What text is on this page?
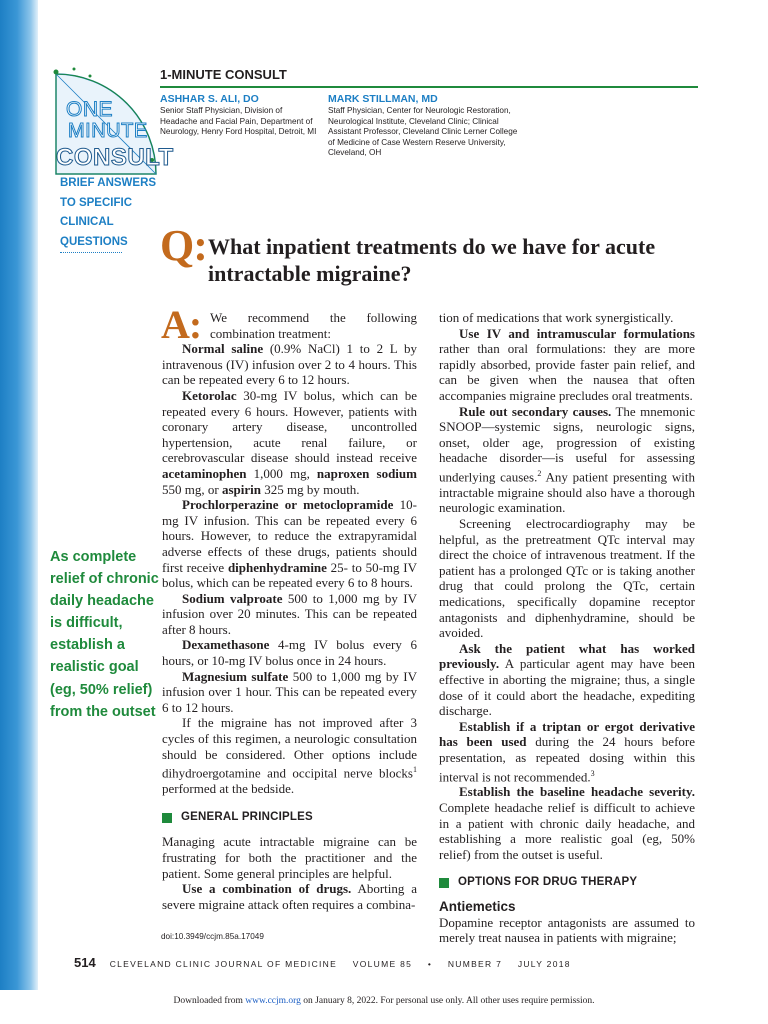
ONE
MINUTE
CONSULT
BRIEF ANSWERS
TO SPECIFIC
CLINICAL
QUESTIONS
As complete relief of chronic daily headache is difficult, establish a realistic goal (eg, 50% relief) from the outset
1-MINUTE CONSULT
ASHHAR S. ALI, DO
Senior Staff Physician, Division of Headache and Facial Pain, Department of Neurology, Henry Ford Hospital, Detroit, MI
MARK STILLMAN, MD
Staff Physician, Center for Neurologic Restoration, Neurological Institute, Cleveland Clinic; Clinical Assistant Professor, Cleveland Clinic Lerner College of Medicine of Case Western Reserve University, Cleveland, OH
Q: What inpatient treatments do we have for acute intractable migraine?
A: We recommend the following combination treatment:

Normal saline (0.9% NaCl) 1 to 2 L by intravenous (IV) infusion over 2 to 4 hours. This can be repeated every 6 to 12 hours.

Ketorolac 30-mg IV bolus, which can be repeated every 6 hours. However, patients with coronary artery disease, uncontrolled hypertension, acute renal failure, or cerebrovascular disease should instead receive acetaminophen 1,000 mg, naproxen sodium 550 mg, or aspirin 325 mg by mouth.

Prochlorperazine or metoclopramide 10-mg IV infusion. This can be repeated every 6 hours. However, to reduce the extrapyramidal adverse effects of these drugs, patients should first receive diphenhydramine 25- to 50-mg IV bolus, which can be repeated every 6 to 8 hours.

Sodium valproate 500 to 1,000 mg by IV infusion over 20 minutes. This can be repeated after 8 hours.

Dexamethasone 4-mg IV bolus every 6 hours, or 10-mg IV bolus once in 24 hours.

Magnesium sulfate 500 to 1,000 mg by IV infusion over 1 hour. This can be repeated every 6 to 12 hours.

If the migraine has not improved after 3 cycles of this regimen, a neurologic consultation should be considered. Other options include dihydroergotamine and occipital nerve blocks$^1$ performed at the bedside.

GENERAL PRINCIPLES

Managing acute intractable migraine can be frustrating for both the practitioner and the patient. Some general principles are helpful.

Use a combination of drugs. Aborting a severe migraine attack often requires a combina-

tion of medications that work synergistically.

Use IV and intramuscular formulations rather than oral formulations: they are more rapidly absorbed, provide faster pain relief, and can be given when the nausea that often accompanies migraine precludes oral treatments.

Rule out secondary causes. The mnemonic SNOOP—systemic signs, neurologic signs, onset, older age, progression of existing headache disorder—is useful for assessing underlying causes.$^2$ Any patient presenting with intractable migraine should also have a thorough neurologic examination.

Screening electrocardiography may be helpful, as the pretreatment QTc interval may direct the choice of intravenous treatment. If the patient has a prolonged QTc or is taking another drug that could prolong the QTc, certain medications, specifically dopamine receptor antagonists and diphenhydramine, should be avoided.

Ask the patient what has worked previously. A particular agent may have been effective in aborting the migraine; thus, a single dose of it could abort the headache, expediting discharge.

Establish if a triptan or ergot derivative has been used during the 24 hours before presentation, as repeated dosing within this interval is not recommended.$^3$

Establish the baseline headache severity. Complete headache relief is difficult to achieve in a patient with chronic daily headache, and establishing a more realistic goal (eg, 50% relief) from the outset is useful.

OPTIONS FOR DRUG THERAPY
Antiemetics

Dopamine receptor antagonists are assumed to merely treat nausea in patients with migraine;

doi:10.3949/ccjm.85a.17049
514 CLEVELAND CLINIC JOURNAL OF MEDICINE VOLUME 85 • NUMBER 7 JULY 2018
Downloaded from www.ccjm.org on January 8, 2022. For personal use only. All other uses require permission.
